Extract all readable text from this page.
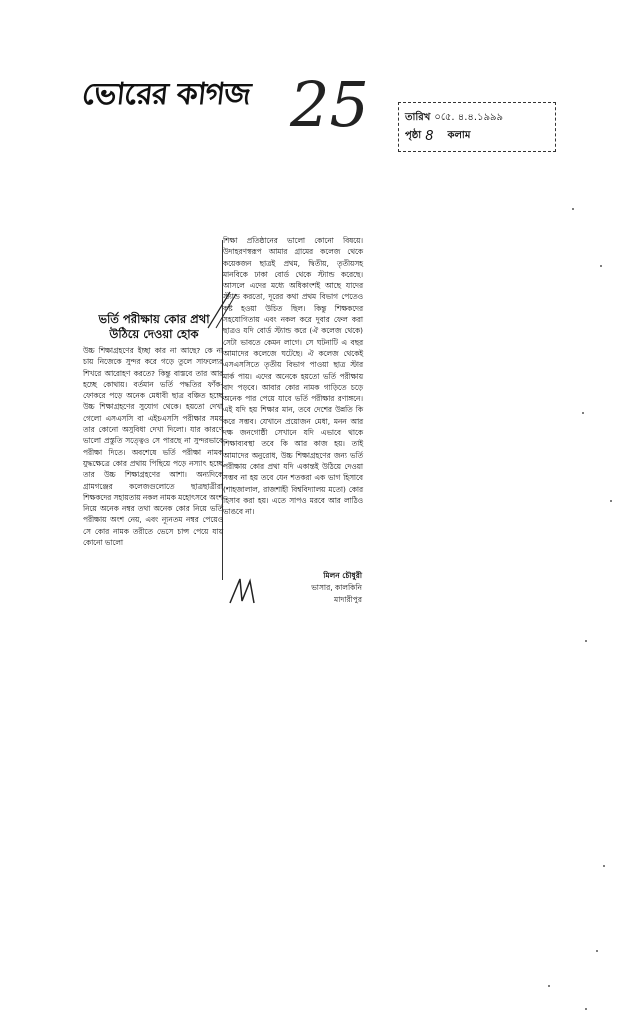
ভোরের কাগজ 25	তারিখ ০৫ে. ৪.৪.১৯৯৯
পৃষ্ঠা 8 কলাম
ভর্তি পরীক্ষায় কোর প্রথা উঠিয়ে দেওয়া হোক
উচ্চ শিক্ষাগ্রহণের ইচ্ছা কার না আছে? কে না চায় নিজেকে সুন্দর করে গড়ে তুলে সাফল্যের শিখরে আরোহণ করতে? কিন্তু বাস্তবে তার আর হচ্ছে কোথায়। বর্তমান ভর্তি পদ্ধতির ফাঁক-ফোকরে পড়ে অনেক মেধাবী ছাত্র বঞ্চিত হচ্ছে উচ্চ শিক্ষাগ্রহণের সুযোগ থেকে। হয়তো দেখা গেলো এসএসসি বা এইচএসসি পরীক্ষার সময় তার কোনো অসুবিধা দেখা দিলো। যার কারণে ভালো প্রস্তুতি সত্ত্বেও সে পারছে না সুন্দরভাবে পরীক্ষা দিতে। অবশেষে ভর্তি পরীক্ষা নামক যুদ্ধক্ষেত্রে কোর প্রথায় পিছিয়ে পড়ে নস্যাৎ হচ্ছে তার উচ্চ শিক্ষাগ্রহণের আশা। অন্যদিকে গ্রামগঞ্জের কলেজগুলোতে ছাত্রছাত্রীরা শিক্ষকদের সহায়তায় নকল নামক মহোৎসবে অংশ নিয়ে অনেক নম্বর তথা অনেক কোর নিয়ে ভর্তি পরীক্ষায় অংশ নেয়, এবং ন্যূনতম নম্বর পেয়েও সে কোর নামক তরীতে ভেসে চান্স পেয়ে যায় কোনো ভালো
শিক্ষা প্রতিষ্ঠানের ভালো কোনো বিষয়ে। উদাহরণস্বরূপ আমার গ্রামের কলেজ থেকে কয়েকজন ছাত্রই প্রথম, দ্বিতীয়, তৃতীয়সহ মানবিকে ঢাকা বোর্ড থেকে স্ট্যান্ড করেছে। আসলে এদের মধ্যে অধিকাংশই আছে যাদের স্ট্যান্ড করতো, দূরের কথা প্রথম বিভাগ পেতেও কষ্ট হওয়া উচিত ছিল। কিন্তু শিক্ষকদের সহযোগিতায় এবং নকল করে দুবার ফেল করা ছাত্রও যদি বোর্ড স্ট্যান্ড করে (ঐ কলেজ থেকে) সেটা ভাবতে কেমন লাগে। সে ঘটনাটি এ বছর আমাদের কলেজে ঘটেছে। ঐ কলেজ থেকেই এসএসসিতে তৃতীয় বিভাগ পাওয়া ছাত্র স্টার মার্ক পায়। এদের অনেকে হয়তো ভর্তি পরীক্ষায় বাদ পড়বে। আবার কোর নামক গাড়িতে চড়ে অনেক পার পেয়ে যাবে ভর্তি পরীক্ষার রণাঙ্গনে। এই যদি হয় শিক্ষার মান, তবে দেশের উন্নতি কি করে সম্ভব। যেখানে প্রয়োজন মেধা, মনন আর দক্ষ জনগোষ্ঠী সেখানে যদি এভাবে থাকে শিক্ষাব্যবস্থা তবে কি আর কাজ হয়। তাই আমাদের অনুরোধ, উচ্চ শিক্ষাগ্রহণের জন্য ভর্তি পরীক্ষায় কোর প্রথা যদি একান্তই উঠিয়ে দেওয়া সম্ভব না হয় তবে যেন শতকরা এক ভাগ হিসাবে (শাহজালাল, রাজশাহী বিশ্ববিদ্যালয় মতো) কোর হিসাব করা হয়। এতে সাপও মরবে আর লাঠিও ভাঙবে না।
মিলন চৌধুরী
ভাসার, কালকিনি
মাদারীপুর
